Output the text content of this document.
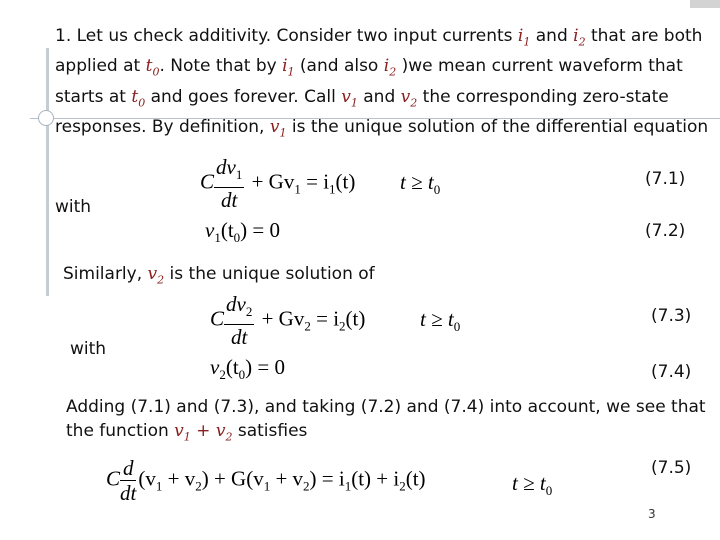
1. Let us check additivity. Consider two input currents $i_1$ and $i_2$ that are both applied at $t_0$. Note that by $i_1$ (and also $i_2$ )we mean current waveform that starts at $t_0$ and goes forever. Call $v_1$ and $v_2$ the corresponding zero-state responses. By definition, $v_1$ is the unique solution of the differential equation
C $\frac{dv_1}{dt} + Gv_1 = i_1(t) t \ge t_0$
(7.1)
with
$v_1(t_0) = 0$	(7.2)
Similarly, $v_2$ is the unique solution of
C $\frac{dv_2}{dt} + Gv_2 = i_2(t)$	$t \ge t_0$
(7.3)
with
$v_2(t_0) = 0$	(7.4)
Adding (7.1) and (7.3), and taking (7.2) and (7.4) into account, we see that the function $v_1 + v_2$ satisfies
C $\frac{d}{dt} (v_1 + v_2) + G(v_1 + v_2) = i_1(t) + i_2(t)$	$t \ge t_0$
(7.5)
3
